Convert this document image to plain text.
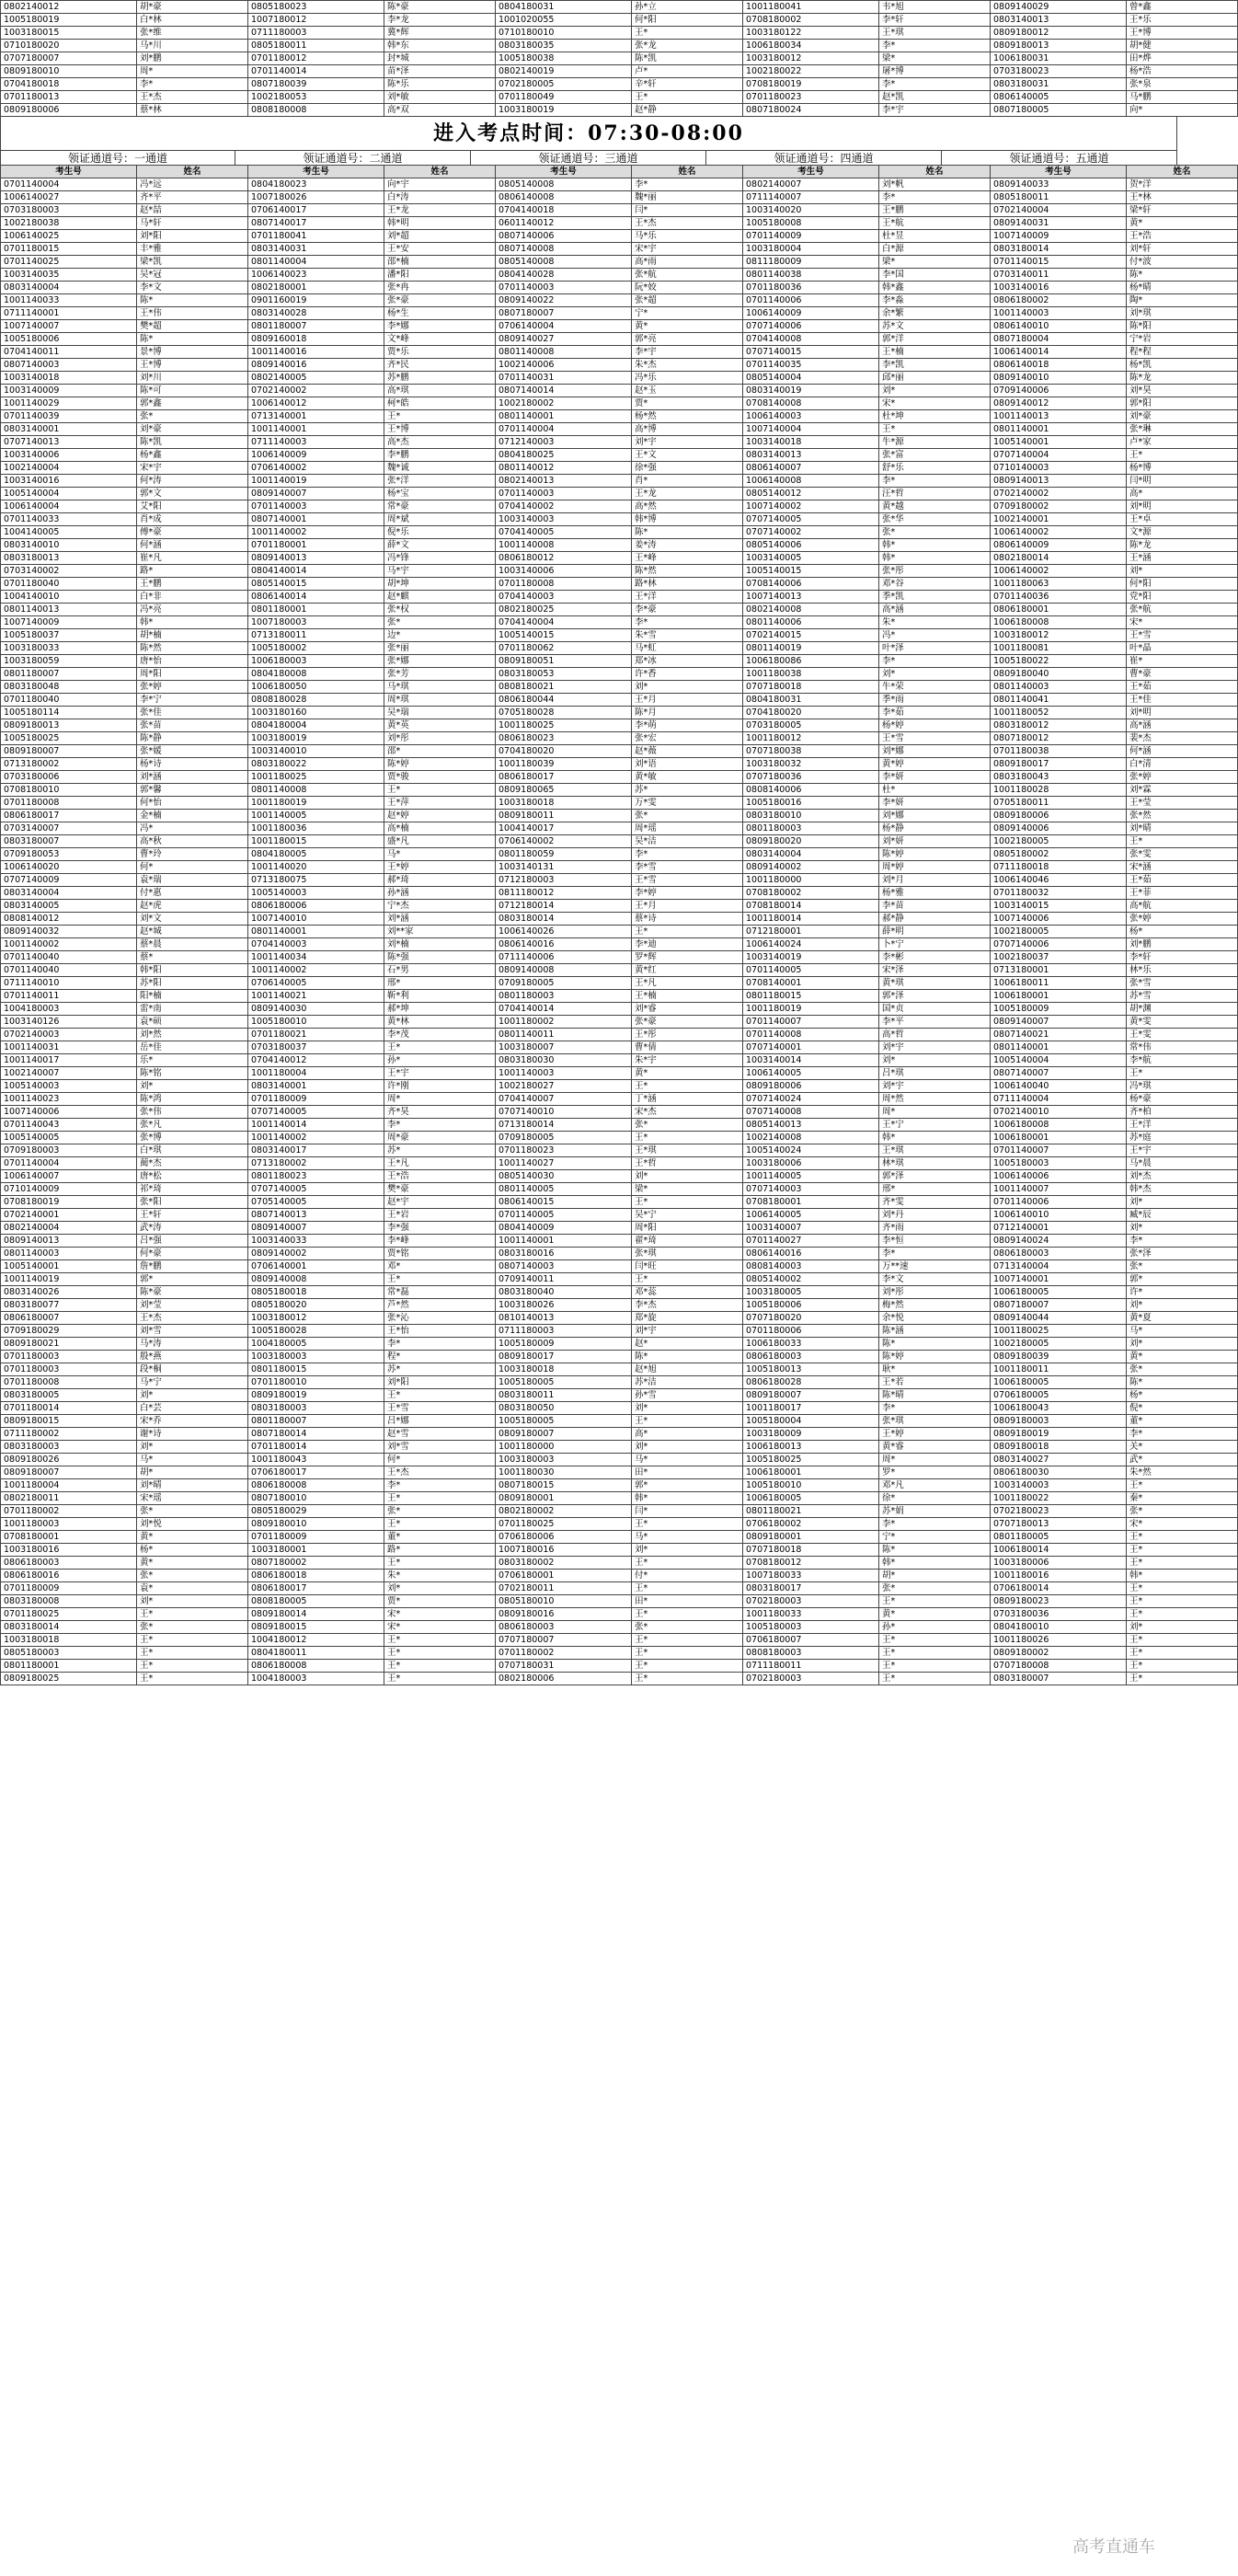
0802140012	胡*豪	0805180023	陈*豪	0804180031	孙*立	1001180041	韦*旭	0809140029	曾*鑫
1005180019	白*林	1007180012	李*龙	1001020055	何*阳	0708180002	李*轩	0803140013	王*乐
1003180015	张*维	0711180003	冀*辉	0710180010	王*	1003180122	王*琪	0809180012	王*博
0710180020	马*川	0805180011	韩*东	0803180035	张*龙	1006180034	李*	0809180013	胡*健
0707180007	刘*鹏	0701180012	封*城	1005180038	陈*凯	1003180012	梁*	1006180031	田*烨
0809180010	周*	0701140014	苗*泽	0802140019	卢*	1002180022	屠*博	0703180023	杨*浩
0704180018	李*	0807180039	陈*乐	0702180005	辛*轩	0708180019	李*	0803180031	张*泉
0701180013	王*杰	1002180053	刘*敏	0701180049	王*	0701180023	赵*凯	0806140005	马*鹏
0809180006	蔡*林	0808180008	高*双	1003180019	赵*静	0807180024	李*宇	0807180005	向*
进入考点时间：07:30-08:00
领证通道号：一通道	领证通道号：二通道	领证通道号：三通道	领证通道号：四通道	领证通道号：五通道
考生号	姓名	考生号	姓名	考生号	姓名	考生号	姓名	考生号	姓名
0701140004	冯*远	0804180023	向*宇	0805140008	李*	0802140007	刘*帆	0809140033	贺*洋
1006140027	齐*平	1007180026	白*涛	0806140008	魏*丽	0711140007	李*	0805180011	王*林
0703180003	赵*喆	0706140017	王*龙	0704140018	闫*	1003140020	王*鹏	0702140004	梁*轩
1002180038	马*轩	0807140017	韩*明	0601140012	王*杰	1005180008	王*航	0809140031	黄*
1006140025	刘*阳	0701180041	刘*超	0807140006	马*乐	0701140009	杜*昱	1007140009	王*浩
0701180015	丰*雅	0803140031	王*安	0807140008	宋*宇	1003180004	白*源	0803180014	刘*轩
0701140025	梁*凯	0801140004	邵*楠	0805140008	高*雨	0811180009	梁*	0701140015	付*波
1003140035	吴*冠	1006140023	潘*阳	0804140028	张*航	0801140038	李*国	0703140011	陈*
0803140004	李*文	0802180001	张*冉	0701140003	阮*姣	0701180036	韩*鑫	1003140016	杨*晴
1001140033	陈*	0901160019	张*豪	0809140022	张*超	0701140006	李*淼	0806180002	陶*
0711140001	王*伟	0803140028	杨*生	0807180007	宁*	1006140009	余*繁	1001140003	刘*琪
1007140007	樊*超	0801180007	李*娜	0706140004	黄*	0707140006	苏*文	0806140010	陈*阳
1005180006	陈*	0809160018	文*峰	0809140027	郭*亮	0704140008	郭*洋	0807180004	宁*岩
0704140011	景*博	1001140016	贾*乐	0801140008	李*宇	0707140015	王*楠	1006140014	程*程
0807140003	王*博	0809140016	齐*民	1002140006	朱*杰	0701140035	李*凯	0806140018	杨*凯
1003140018	刘*川	0802140005	苏*鹏	0701140031	冯*乐	0805140004	邱*丽	0809140010	陈*龙
1003140009	陈*可	0702140002	高*琪	0807140014	赵*玉	0803140019	刘*	0709140006	刘*昊
1001140029	郭*鑫	1006140012	柯*皓	1002180002	贾*	0708140008	宋*	0809140012	郭*阳
0701140039	张*	0713140001	王*	0801140001	杨*然	1006140003	杜*坤	1001140013	刘*豪
0803140001	刘*豪	1001140001	王*博	0701140004	高*博	1007140004	王*	0801140001	张*琳
0707140013	陈*凯	0711140003	高*杰	0712140003	刘*宇	1003140018	牛*源	1005140001	卢*家
1003140006	杨*鑫	1006140009	李*鹏	0804180025	王*文	0803140013	张*富	0707140004	王*
1002140004	宋*宇	0706140002	魏*诚	0801140012	徐*强	0806140007	舒*乐	0710140003	杨*博
1003140016	何*涛	1001140019	张*洋	0802140013	肖*	1006140008	李*	0809140013	闫*明
1005140004	郭*文	0809140007	杨*宝	0701140003	王*龙	0805140012	汪*哲	0702140002	高*
1006140004	艾*阳	0701140003	常*豪	0704140002	高*然	1007140002	黄*越	0709180002	刘*明
0701140033	肖*成	0807140001	周*斌	1003140003	韩*博	0707140005	张*华	1002140001	王*卓
1004140005	傅*豪	1001140002	倪*乐	0704140005	陈*	0707140002	张*	1006140002	文*源
0803140010	何*涵	0701180001	薛*文	1001140008	姜*涛	0805140006	韩*	0806140009	陈*龙
0803180013	崔*凡	0809140013	冯*锋	0806180012	王*峰	1003140005	韩*	0802180014	王*涵
0703140002	路*	0804140014	马*宇	1003140006	陈*然	1005140015	张*彤	1006140002	刘*
0701180040	王*鹏	0805140015	胡*坤	0701180008	路*林	0708140006	邓*谷	1001180063	何*阳
1004140010	白*非	0806140014	赵*麒	0704140003	王*洋	1007140013	季*凯	0701140036	党*阳
0801140013	冯*亮	0801180001	张*权	0802180025	李*豪	0802140008	高*涵	0806180001	张*航
1007140009	韩*	1007180003	张*	0704140004	李*	0801140006	朱*	1006180008	宋*
1005180037	胡*楠	0713180011	边*	1005140015	朱*雪	0702140015	冯*	1003180012	王*雪
1003180033	陈*然	1005180002	张*丽	0701180062	马*虹	0801140019	叶*泽	1001180081	叶*晶
1003180059	唐*怡	1006180003	张*娜	0809180051	郑*冰	1006180086	李*	1005180022	崔*
0801180007	周*阳	0804180008	张*芳	0803180053	许*香	1001180038	刘*	0809180040	曹*豪
0803180048	张*婷	1006180050	马*琪	0808180021	刘*	0707180018	牛*荣	0801140003	王*茹
0701180040	李*宁	0808180028	周*琪	0806180044	王*月	0804180031	季*雨	0801140041	王*佳
1005180114	张*佳	1003180160	吴*瑞	0705180028	陈*月	0704180020	李*茹	1001180052	刘*明
0809180013	张*苗	0804180004	黄*英	1001180025	李*萌	0703180005	杨*婷	0803180012	高*涵
1005180025	陈*静	1003180019	刘*彤	0806180023	张*宏	1001180012	王*雪	0807180012	裴*杰
0809180007	张*媛	1003140010	邵*	0704180020	赵*薇	0707180038	刘*娜	0701180038	何*涵
0713180002	杨*诗	0803180022	陈*婷	1001180039	刘*语	1003180032	黄*婷	0809180017	白*清
0703180006	刘*涵	1001180025	贾*骏	0806180017	黄*敏	0707180036	李*妍	0803180043	张*婷
0708180010	郭*馨	0801140008	王*	0809180065	苏*	0808140006	杜*	1001180028	刘*霖
0701180008	何*怡	1001180019	王*萍	1003180018	万*雯	1005180016	李*妍	0705180011	王*莹
0806180017	金*楠	1001140005	赵*婷	0809180011	张*	0803180010	刘*娜	0809180006	张*然
0703140007	冯*	1001180036	高*楠	1004140017	周*瑶	0801180003	杨*静	0809140006	刘*晴
0803180007	高*秋	1001180015	盛*凡	0706140002	吴*洁	0809180020	刘*妍	1002180005	王*
0709180053	曹*玲	0804180005	马*	0801180059	李*	0803140004	陈*婷	0805180002	张*雯
1006140020	何*	1001140020	王*婷	1003140131	李*雪	0809140002	周*婷	0711180018	宋*涵
0707140009	袁*瑞	0713180075	郝*琦	0712180003	王*雪	1001180000	刘*月	1006140046	王*茹
0803140004	付*惠	1005140003	孙*涵	0811180012	李*婷	0708180002	杨*雅	0701180032	王*菲
0803140005	赵*虎	0806180006	宁*杰	0712180014	王*月	0708180014	李*苗	1003140015	高*航
0808140012	刘*文	1007140010	刘*涵	0803180014	蔡*诗	1001180014	郝*静	1007140006	张*婷
0809140032	赵*城	0801140001	刘**家	1006140026	王*	0712180001	薛*明	1002180005	杨*
1001140002	蔡*晨	0704140003	刘*楠	0806140016	李*迪	1006140024	卜*宁	0707140006	刘*鹏
0701140040	蔡*	1001140034	陈*强	0711140006	罗*辉	1003140019	李*彬	1002180037	李*轩
0701140040	韩*阳	1001140002	石*男	0809140008	黄*红	0701140005	宋*泽	0713180001	林*乐
0711140010	苏*阳	0706140005	邢*	0709180005	王*凡	0708140001	黄*琪	1006180011	张*雪
0701140011	阳*楠	1001140021	靳*利	0801180003	王*楠	0801180015	郭*泽	1006180001	苏*雪
1004180003	雷*南	0809140030	郝*坤	0704140014	刘*睿	1001180019	国*贞	1005180009	胡*渊
1003140126	袁*硕	1005180010	黄*林	1001180002	张*豪	0701140007	李*平	0809140007	黄*雯
0702140003	刘*然	0701180021	李*茂	0801140011	王*彤	0701140008	高*哲	0807140021	王*雯
1001140031	岳*佳	0703180037	王*	1003180007	曹*倩	0707140001	刘*宇	0801140001	常*伟
1001140017	乐*	0704140012	孙*	0803180030	朱*宇	1003140014	刘*	1005140004	李*航
1002140007	陈*铭	1001180004	王*宇	1001140003	黄*	1006140005	吕*琪	0807140007	王*
1005140003	刘*	0803140001	许*刚	1002180027	王*	0809180006	刘*宇	1006140040	冯*琪
1001140023	陈*鸿	0701180009	周*	0704140007	丁*涵	0707140024	周*然	0711140004	杨*豪
1007140006	张*伟	0707140005	齐*昊	0707140010	宋*杰	0707140008	周*	0702140010	齐*柏
0701140043	张*凡	1001140014	李*	0713180014	张*	0805140013	王*宁	1006180008	王*洋
1005140005	张*博	1001140002	周*豪	0709180005	王*	1002140008	韩*	1006180001	苏*庭
0709180003	白*琪	0803140017	苏*	0701180023	王*琪	1005140024	王*琪	0701140007	王*宇
0701140004	蔺*杰	0713180002	王*凡	1001140027	王*哲	1003180006	林*琪	1005180003	马*晨
1006140007	唐*松	0801180023	王*浩	0805140030	刘*	1001140005	郭*泽	1006140006	刘*杰
0710140009	祁*琦	0707140005	樊*豪	0801140005	梁*	0707140003	邢*	1001140007	韩*杰
0708180019	张*阳	0705140005	赵*宇	0806140015	王*	0708180001	齐*雯	0701140006	刘*
0702140001	王*轩	0807140013	王*岩	0701140005	吴*宁	1006140005	刘*丹	1006140010	臧*辰
0802140004	武*涛	0809140007	李*强	0804140009	周*阳	1003140007	齐*雨	0712140001	刘*
0809140013	吕*强	1003140033	李*峰	1001140001	翟*琦	0701140027	李*恒	0809140024	李*
0801140003	何*豪	0809140002	贾*铭	0803180016	张*琪	0806140016	李*	0806180003	张*泽
1005140001	詹*鹏	0706140001	邓*	0807140003	闫*旺	0808140003	万**速	0713140004	张*
1001140019	郭*	0809140008	王*	0709140011	王*	0805140002	李*文	1007140001	郭*
0803140026	陈*豪	0805180018	常*磊	0803180040	邓*蕊	1003180005	刘*彤	1006180005	许*
0803180077	刘*莹	0805180020	芦*然	1003180026	李*杰	1005180006	梅*然	0807180007	刘*
0806180007	王*杰	1003180012	张*沁	0810140013	郑*旋	0707180020	余*悦	0809140044	黄*夏
0709180029	刘*雪	1005180028	王*怡	0711180003	刘*宇	0701180006	陈*涵	1001180025	马*
0809180021	马*涛	1004180005	李*	1005180009	赵*	1006180033	陈*	1002180005	刘*
0701180003	殷*燕	1003180003	程*	0809180017	陈*	0806180003	陈*婷	0809180039	黄*
0701180003	段*桐	0801180015	苏*	1003180018	赵*旭	1005180013	耿*	1001180011	张*
0701180008	马*宁	0701180010	刘*阳	1005180005	苏*洁	0806180028	王*若	1006180005	陈*
0803180005	刘*	0809180019	王*	0803180011	孙*雪	0809180007	陈*晴	0706180005	杨*
0701180014	白*芸	0803180003	王*雪	0803180050	刘*	1001180017	李*	1006180043	倪*
0809180015	宋*乔	0801180007	吕*娜	1005180005	王*	1005180004	张*琪	0809180003	董*
0711180002	谢*诗	0807180014	赵*雪	0809180007	高*	1003180009	王*婷	0809180019	李*
0803180003	刘*	0701180014	刘*雪	1001180000	刘*	1006180013	黄*睿	0809180018	关*
0809180026	马*	1001180043	何*	1003180003	马*	1005180025	周*	0803140027	武*
0809180007	胡*	0706180017	王*杰	1001180030	田*	1006180001	罗*	0806180030	朱*然
1001180004	刘*晴	0806180008	李*	0807180015	郭*	1005180010	邓*凡	1003140003	王*
0802180011	宋*瑶	0807180010	王*	0809180001	韩*	1006180005	徐*	1001180022	秦*
0701180002	张*	0805180029	张*	0802180002	闫*	0801180021	苏*娟	0702180023	张*
1001180003	刘*悦	0809180010	王*	0701180025	王*	0706180002	李*	0707180013	宋*
0708180001	黄*	0701180009	董*	0706180006	马*	0809180001	宁*	0801180005	王*
1003180016	杨*	1003180001	路*	1007180016	刘*	0707180018	陈*	1006180014	王*
0806180003	黄*	0807180002	王*	0803180002	王*	0708180012	韩*	1003180006	王*
0806180016	张*	0806180018	朱*	0706180001	付*	1007180033	胡*	1001180016	韩*
0701180009	袁*	0806180017	刘*	0702180011	王*	0803180017	张*	0706180014	王*
0803180008	刘*	0808180005	贾*	0805180010	田*	0702180003	王*	0809180023	王*
0701180025	王*	0809180014	宋*	0809180016	王*	1001180033	黄*	0703180036	王*
0803180014	张*	0809180015	宋*	0806180003	张*	1005180003	孙*	0804180010	刘*
1003180018	王*	1004180012	王*	0707180007	王*	0706180007	王*	1001180026	王*
0805180003	王*	0804180011	王*	0701180002	王*	0808180003	王*	0809180002	王*
0801180001	王*	0806180008	王*	0707180031	王*	0711180011	王*	0707180008	王*
0809180025	王*	1004180003	王*	0802180006	王*	0702180003	王*	0803180007	王*
高考直通车
